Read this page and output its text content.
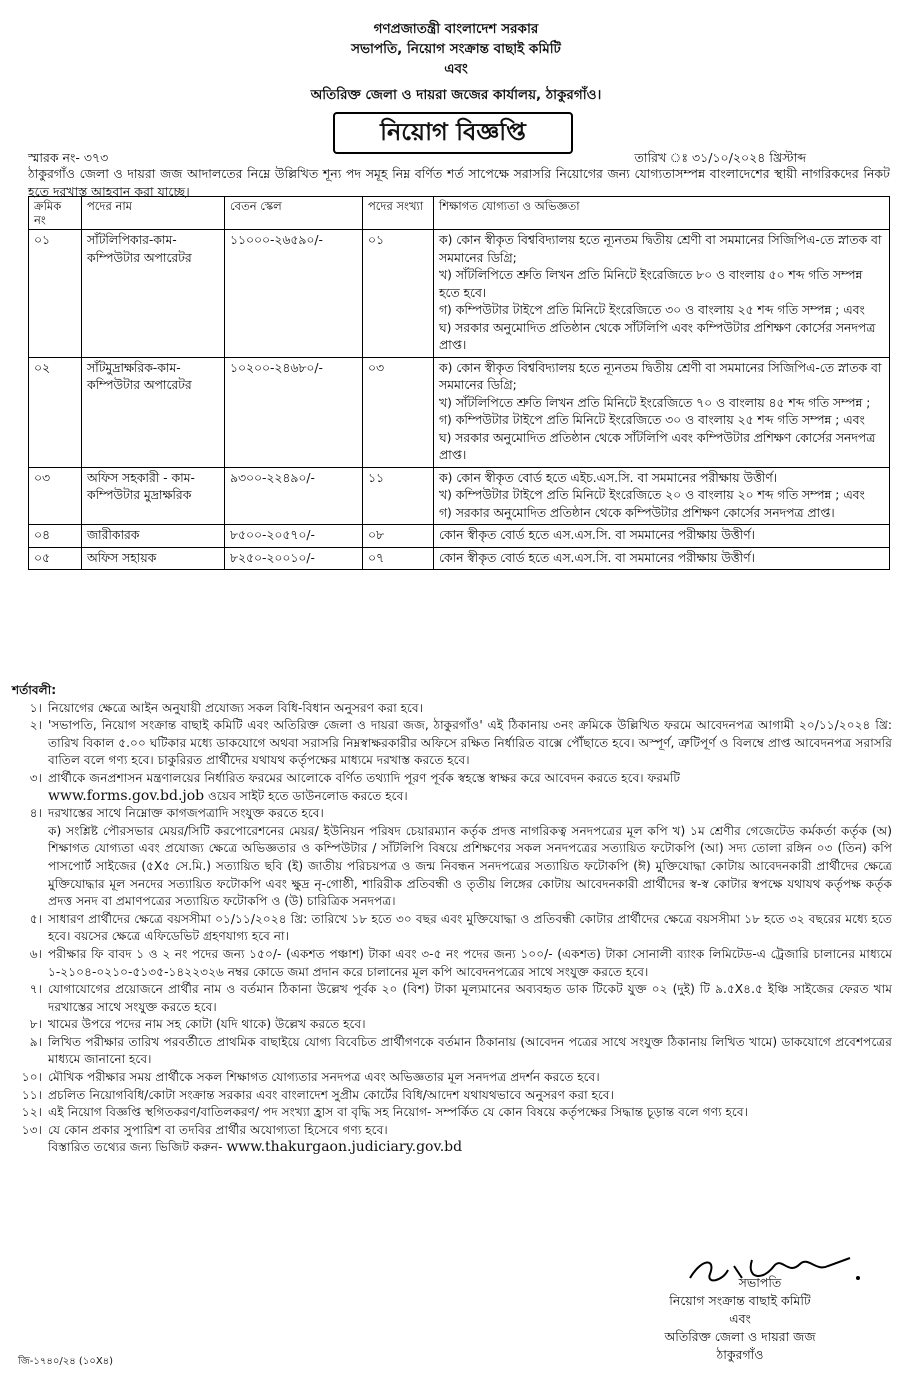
গণপ্রজাতন্ত্রী বাংলাদেশ সরকার
সভাপতি, নিয়োগ সংক্রান্ত বাছাই কমিটি
এবং
অতিরিক্ত জেলা ও দায়রা জজের কার্যালয়, ঠাকুরগাঁও।
নিয়োগ বিজ্ঞপ্তি
স্মারক নং- ৩৭৩	তারিখ ঃ ৩১/১০/২০২৪ খ্রিস্টাব্দ
ঠাকুরগাঁও জেলা ও দায়রা জজ আদালতের নিম্নে উল্লিখিত শূন্য পদ সমূহ নিম্ন বর্ণিত শর্ত সাপেক্ষে সরাসরি নিয়োগের জন্য যোগ্যতাসম্পন্ন বাংলাদেশের স্থায়ী নাগরিকদের নিকট হতে দরখাস্ত আহবান করা যাচ্ছে।
ক্রমিক নং	পদের নাম	বেতন স্কেল	পদের সংখ্যা	শিক্ষাগত যোগ্যতা ও অভিজ্ঞতা
০১	সাঁটলিপিকার-কাম- কম্পিউটার অপারেটর	১১০০০-২৬৫৯০/-	০১	ক) কোন স্বীকৃত বিশ্ববিদ্যালয় হতে ন্যূনতম দ্বিতীয় শ্রেণী বা সমমানের সিজিপিএ-তে স্নাতক বা সমমানের ডিগ্রি;

খ) সাঁটলিপিতে শ্রুতি লিখন প্রতি মিনিটে ইংরেজিতে ৮০ ও বাংলায় ৫০ শব্দ গতি সম্পন্ন হতে হবে।

গ) কম্পিউটার টাইপে প্রতি মিনিটে ইংরেজিতে ৩০ ও বাংলায় ২৫ শব্দ গতি সম্পন্ন ; এবং

ঘ) সরকার অনুমোদিত প্রতিষ্ঠান থেকে সাঁটলিপি এবং কম্পিউটার প্রশিক্ষণ কোর্সের সনদপত্র প্রাপ্ত।

০২	সাঁটমুদ্রাক্ষরিক-কাম-কম্পিউটার অপারেটর	১০২০০-২৪৬৮০/-	০৩	ক) কোন স্বীকৃত বিশ্ববিদ্যালয় হতে ন্যূনতম দ্বিতীয় শ্রেণী বা সমমানের সিজিপিএ-তে স্নাতক বা সমমানের ডিগ্রি;

খ) সাঁটলিপিতে শ্রুতি লিখন প্রতি মিনিটে ইংরেজিতে ৭০ ও বাংলায় ৪৫ শব্দ গতি সম্পন্ন ;

গ) কম্পিউটার টাইপে প্রতি মিনিটে ইংরেজিতে ৩০ ও বাংলায় ২৫ শব্দ গতি সম্পন্ন ; এবং

ঘ) সরকার অনুমোদিত প্রতিষ্ঠান থেকে সাঁটলিপি এবং কম্পিউটার প্রশিক্ষণ কোর্সের সনদপত্র প্রাপ্ত।

০৩	অফিস সহকারী - কাম- কম্পিউটার মুদ্রাক্ষরিক	৯৩০০-২২৪৯০/-	১১	ক) কোন স্বীকৃত বোর্ড হতে এইচ.এস.সি. বা সমমানের পরীক্ষায় উত্তীর্ণ।

খ) কম্পিউটার টাইপে প্রতি মিনিটে ইংরেজিতে ২০ ও বাংলায় ২০ শব্দ গতি সম্পন্ন ; এবং

গ) সরকার অনুমোদিত প্রতিষ্ঠান থেকে কম্পিউটার প্রশিক্ষণ কোর্সের সনদপত্র প্রাপ্ত।

০৪	জারীকারক	৮৫০০-২০৫৭০/-	০৮	কোন স্বীকৃত বোর্ড হতে এস.এস.সি. বা সমমানের পরীক্ষায় উত্তীর্ণ।

০৫	অফিস সহায়ক	৮২৫০-২০০১০/-	০৭	কোন স্বীকৃত বোর্ড হতে এস.এস.সি. বা সমমানের পরীক্ষায় উত্তীর্ণ।

শর্তাবলী:
১। নিয়োগের ক্ষেত্রে আইন অনুযায়ী প্রযোজ্য সকল বিধি-বিধান অনুসরণ করা হবে।
২। 'সভাপতি, নিয়োগ সংক্রান্ত বাছাই কমিটি এবং অতিরিক্ত জেলা ও দায়রা জজ, ঠাকুরগাঁও' এই ঠিকানায় ৩নং ক্রমিকে উল্লিখিত ফরমে আবেদনপত্র আগামী ২০/১১/২০২৪ খ্রি: তারিখ বিকাল ৫.০০ ঘটিকার মধ্যে ডাকযোগে অথবা সরাসরি নিম্নস্বাক্ষরকারীর অফিসে রক্ষিত নির্ধারিত বাক্সে পৌঁছাতে হবে। অস্পূর্ণ, ত্রুটিপূর্ণ ও বিলম্বে প্রাপ্ত আবেদনপত্র সরাসরি বাতিল বলে গণ্য হবে। চাকুরিরত প্রার্থীদের যথাযথ কর্তৃপক্ষের মাধ্যমে দরখাস্ত করতে হবে।
৩। প্রার্থীকে জনপ্রশাসন মন্ত্রণালয়ের নির্ধারিত ফরমের আলোকে বর্ণিত তথ্যাদি পূরণ পূর্বক স্বহস্তে স্বাক্ষর করে আবেদন করতে হবে। ফরমটি
www.forms.gov.bd.job ওয়েব সাইট হতে ডাউনলোড করতে হবে।
৪। দরখাস্তের সাথে নিম্নোক্ত কাগজপত্রাদি সংযুক্ত করতে হবে।
ক) সংশ্লিষ্ট পৌরসভার মেয়র/সিটি করপোরেশনের মেয়র/ ইউনিয়ন পরিষদ চেয়ারম্যান কর্তৃক প্রদত্ত নাগরিকত্ব সনদপত্রের মূল কপি খ) ১ম শ্রেণীর গেজেটেড কর্মকর্তা কর্তৃক (অ) শিক্ষাগত যোগ্যতা এবং প্রযোজ্য ক্ষেত্রে অভিজ্ঞতার ও কম্পিউটার / সাঁটলিপি বিষয়ে প্রশিক্ষণের সকল সনদপত্রের সত্যায়িত ফটোকপি (আ) সদ্য তোলা রঙ্গিন ০৩ (তিন) কপি পাসপোর্ট সাইজের (৫X৫ সে.মি.) সত্যায়িত ছবি (ই) জাতীয় পরিচয়পত্র ও জন্ম নিবন্ধন সনদপত্রের সত্যায়িত ফটোকপি (ঈ) মুক্তিযোদ্ধা কোটায় আবেদনকারী প্রার্থীদের ক্ষেত্রে মুক্তিযোদ্ধার মূল সনদের সত্যায়িত ফটোকপি এবং ক্ষুদ্র নৃ-গোষ্ঠী, শারিরীক প্রতিবন্ধী ও তৃতীয় লিঙ্গের কোটায় আবেদনকারী প্রার্থীদের স্ব-স্ব কোটার স্বপক্ষে যথাযথ কর্তৃপক্ষ কর্তৃক প্রদত্ত সনদ বা প্রমাণপত্রের সত্যায়িত ফটোকপি ও (উ) চারিত্রিক সনদপত্র।
৫। সাধারণ প্রার্থীদের ক্ষেত্রে বয়সসীমা ০১/১১/২০২৪ খ্রি: তারিখে ১৮ হতে ৩০ বছর এবং মুক্তিযোদ্ধা ও প্রতিবন্ধী কোটার প্রার্থীদের ক্ষেত্রে বয়সসীমা ১৮ হতে ৩২ বছরের মধ্যে হতে হবে। বয়সের ক্ষেত্রে এফিডেভিট গ্রহণযাগ্য হবে না।
৬। পরীক্ষার ফি বাবদ ১ ও ২ নং পদের জন্য ১৫০/- (একশত পঞ্চাশ) টাকা এবং ৩-৫ নং পদের জন্য ১০০/- (একশত) টাকা সোনালী ব্যাংক লিমিটেড-এ ট্রেজারি চালানের মাধ্যমে ১-২১০৪-০২১০-৫১৩৫-১৪২২৩২৬ নম্বর কোডে জমা প্রদান করে চালানের মূল কপি আবেদনপত্রের সাথে সংযুক্ত করতে হবে।
৭। যোগাযোগের প্রয়োজনে প্রার্থীর নাম ও বর্তমান ঠিকানা উল্লেখ পূর্বক ২০ (বিশ) টাকা মূল্যমানের অব্যবহৃত ডাক টিকেট যুক্ত ০২ (দুই) টি ৯.৫X৪.৫ ইঞ্চি সাইজের ফেরত খাম দরখাস্তের সাথে সংযুক্ত করতে হবে।
৮। খামের উপরে পদের নাম সহ কোটা (যদি থাকে) উল্লেখ করতে হবে।
৯। লিখিত পরীক্ষার তারিখ পরবর্তীতে প্রাথমিক বাছাইয়ে যোগ্য বিবেচিত প্রার্থীগণকে বর্তমান ঠিকানায় (আবেদন পত্রের সাথে সংযুক্ত ঠিকানায় লিখিত খামে) ডাকযোগে প্রবেশপত্রের মাধ্যমে জানানো হবে।
১০। মৌখিক পরীক্ষার সময় প্রার্থীকে সকল শিক্ষাগত যোগ্যতার সনদপত্র এবং অভিজ্ঞতার মূল সনদপত্র প্রদর্শন করতে হবে।
১১। প্রচলিত নিয়োগবিধি/কোটা সংক্রান্ত সরকার এবং বাংলাদেশ সুপ্রীম কোর্টের বিধি/আদেশ যথাযথভাবে অনুসরণ করা হবে।
১২। এই নিয়োগ বিজ্ঞপ্তি স্থগিতকরণ/বাতিলকরণ/ পদ সংখ্যা হ্রাস বা বৃদ্ধি সহ নিয়োগ- সম্পর্কিত যে কোন বিষয়ে কর্তৃপক্ষের সিদ্ধান্ত চূড়ান্ত বলে গণ্য হবে।
১৩। যে কোন প্রকার সুপারিশ বা তদবির প্রার্থীর অযোগ্যতা হিসেবে গণ্য হবে।
বিস্তারিত তথ্যের জন্য ভিজিট করুন- www.thakurgaon.judiciary.gov.bd
সভাপতি
নিয়োগ সংক্রান্ত বাছাই কমিটি
এবং
অতিরিক্ত জেলা ও দায়রা জজ
ঠাকুরগাঁও
জি-১৭৪০/২৪ (১০X৪)
